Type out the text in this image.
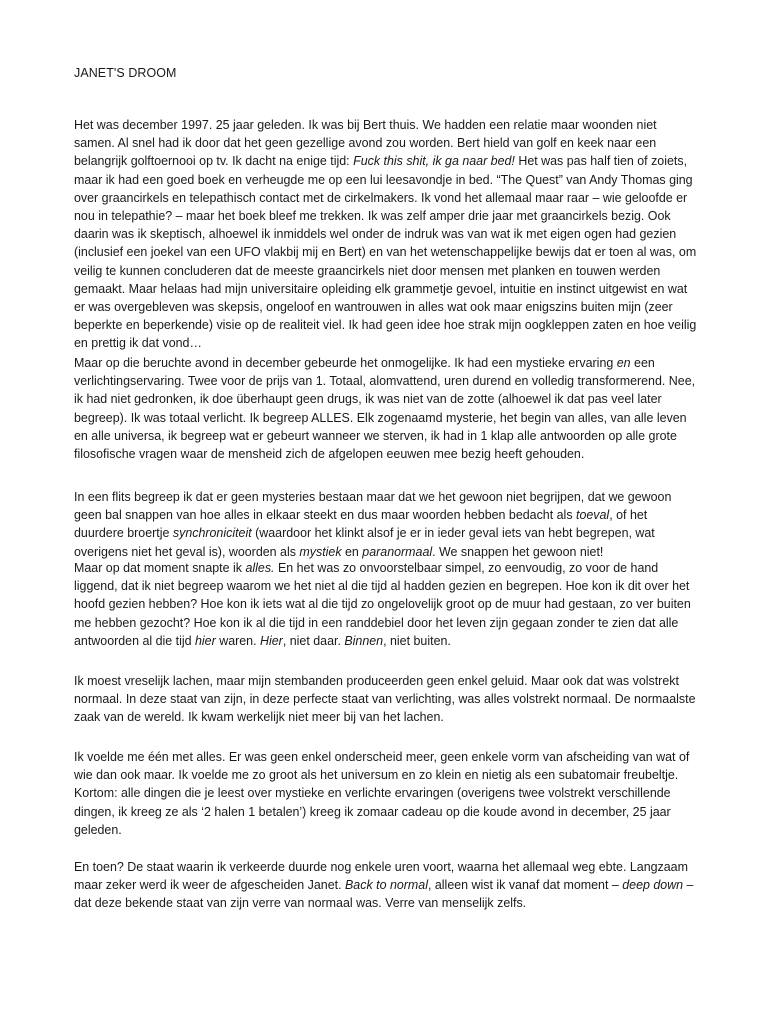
JANET'S DROOM

Het was december 1997. 25 jaar geleden. Ik was bij Bert thuis. We hadden een relatie maar woonden niet samen. Al snel had ik door dat het geen gezellige avond zou worden. Bert hield van golf en keek naar een belangrijk golftoernooi op tv. Ik dacht na enige tijd: Fuck this shit, ik ga naar bed! Het was pas half tien of zoiets, maar ik had een goed boek en verheugde me op een lui leesavondje in bed. “The Quest” van Andy Thomas ging over graancirkels en telepathisch contact met de cirkelmakers. Ik vond het allemaal maar raar – wie geloofde er nou in telepathie? – maar het boek bleef me trekken. Ik was zelf amper drie jaar met graancirkels bezig. Ook daarin was ik skeptisch, alhoewel ik inmiddels wel onder de indruk was van wat ik met eigen ogen had gezien (inclusief een joekel van een UFO vlakbij mij en Bert) en van het wetenschappelijke bewijs dat er toen al was, om veilig te kunnen concluderen dat de meeste graancirkels niet door mensen met planken en touwen werden gemaakt. Maar helaas had mijn universitaire opleiding elk grammetje gevoel, intuitie en instinct uitgewist en wat er was overgebleven was skepsis, ongeloof en wantrouwen in alles wat ook maar enigszins buiten mijn (zeer beperkte en beperkende) visie op de realiteit viel. Ik had geen idee hoe strak mijn oogkleppen zaten en hoe veilig en prettig ik dat vond…

Maar op die beruchte avond in december gebeurde het onmogelijke. Ik had een mystieke ervaring en een verlichtingservaring. Twee voor de prijs van 1. Totaal, alomvattend, uren durend en volledig transformerend. Nee, ik had niet gedronken, ik doe überhaupt geen drugs, ik was niet van de zotte (alhoewel ik dat pas veel later begreep). Ik was totaal verlicht. Ik begreep ALLES. Elk zogenaamd mysterie, het begin van alles, van alle leven en alle universa, ik begreep wat er gebeurt wanneer we sterven, ik had in 1 klap alle antwoorden op alle grote filosofische vragen waar de mensheid zich de afgelopen eeuwen mee bezig heeft gehouden.

In een flits begreep ik dat er geen mysteries bestaan maar dat we het gewoon niet begrijpen, dat we gewoon geen bal snappen van hoe alles in elkaar steekt en dus maar woorden hebben bedacht als toeval, of het duurdere broertje synchroniciteit (waardoor het klinkt alsof je er in ieder geval iets van hebt begrepen, wat overigens niet het geval is), woorden als mystiek en paranormaal. We snappen het gewoon niet!

Maar op dat moment snapte ik alles. En het was zo onvoorstelbaar simpel, zo eenvoudig, zo voor de hand liggend, dat ik niet begreep waarom we het niet al die tijd al hadden gezien en begrepen. Hoe kon ik dit over het hoofd gezien hebben? Hoe kon ik iets wat al die tijd zo ongelovelijk groot op de muur had gestaan, zo ver buiten me hebben gezocht? Hoe kon ik al die tijd in een randdebiel door het leven zijn gegaan zonder te zien dat alle antwoorden al die tijd hier waren. Hier, niet daar. Binnen, niet buiten.

Ik moest vreselijk lachen, maar mijn stembanden produceerden geen enkel geluid. Maar ook dat was volstrekt normaal. In deze staat van zijn, in deze perfecte staat van verlichting, was alles volstrekt normaal. De normaalste zaak van de wereld. Ik kwam werkelijk niet meer bij van het lachen.

Ik voelde me één met alles. Er was geen enkel onderscheid meer, geen enkele vorm van afscheiding van wat of wie dan ook maar. Ik voelde me zo groot als het universum en zo klein en nietig als een subatomair freubeltje. Kortom: alle dingen die je leest over mystieke en verlichte ervaringen (overigens twee volstrekt verschillende dingen, ik kreeg ze als ‘2 halen 1 betalen’) kreeg ik zomaar cadeau op die koude avond in december, 25 jaar geleden.

En toen? De staat waarin ik verkeerde duurde nog enkele uren voort, waarna het allemaal weg ebte. Langzaam maar zeker werd ik weer de afgescheiden Janet. Back to normal, alleen wist ik vanaf dat moment – deep down – dat deze bekende staat van zijn verre van normaal was. Verre van menselijk zelfs.
